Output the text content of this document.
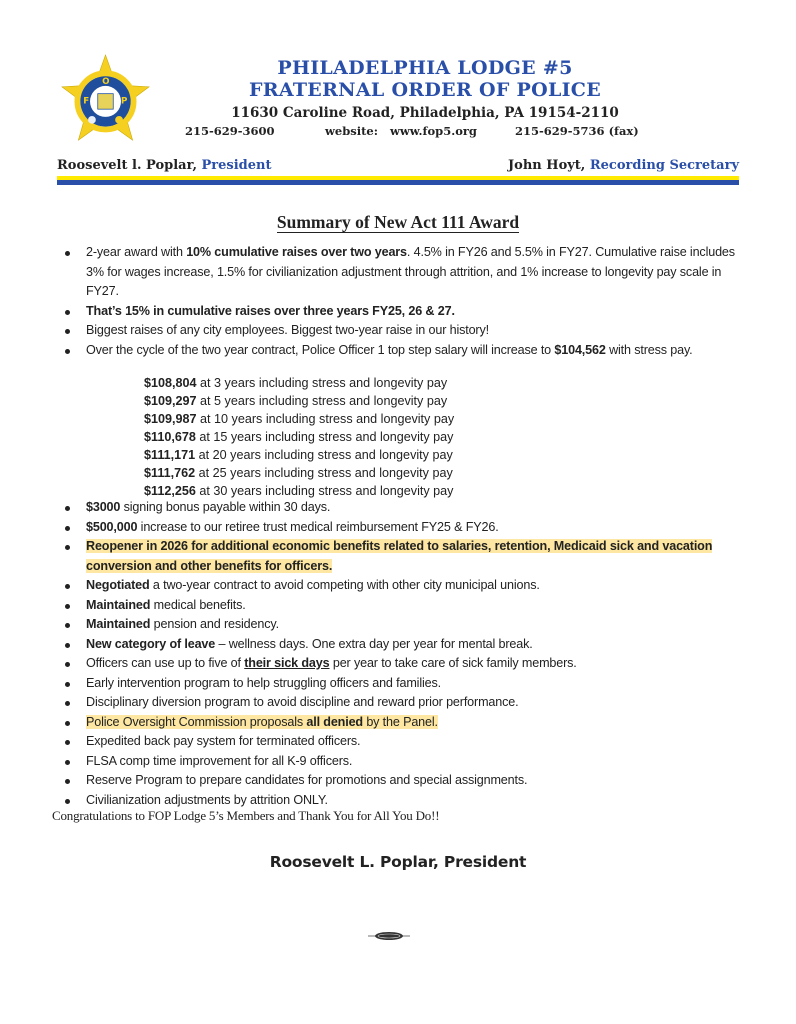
F
O
P
PHILADELPHIA LODGE #5
FRATERNAL ORDER OF POLICE
11630 Caroline Road, Philadelphia, PA 19154-2110
215-629-3600	website:   www.fop5.org	215-629-5736 (fax)
Roosevelt l. Poplar, President	John Hoyt, Recording Secretary
Summary of New Act 111 Award
2-year award with 10% cumulative raises over two years. 4.5% in FY26 and 5.5% in FY27. Cumulative raise includes 3% for wages increase, 1.5% for civilianization adjustment through attrition, and 1% increase to longevity pay scale in FY27.
That’s 15% in cumulative raises over three years FY25, 26 & 27.
Biggest raises of any city employees. Biggest two-year raise in our history!
Over the cycle of the two year contract, Police Officer 1 top step salary will increase to $104,562 with stress pay.
$108,804 at 3 years including stress and longevity pay
$109,297 at 5 years including stress and longevity pay
$109,987 at 10 years including stress and longevity pay
$110,678 at 15 years including stress and longevity pay
$111,171 at 20 years including stress and longevity pay
$111,762 at 25 years including stress and longevity pay
$112,256 at 30 years including stress and longevity pay
$3000 signing bonus payable within 30 days.
$500,000 increase to our retiree trust medical reimbursement FY25 & FY26.
Reopener in 2026 for additional economic benefits related to salaries, retention, Medicaid sick and vacation conversion and other benefits for officers.
Negotiated a two-year contract to avoid competing with other city municipal unions.
Maintained medical benefits.
Maintained pension and residency.
New category of leave – wellness days. One extra day per year for mental break.
Officers can use up to five of their sick days per year to take care of sick family members.
Early intervention program to help struggling officers and families.
Disciplinary diversion program to avoid discipline and reward prior performance.
Police Oversight Commission proposals all denied by the Panel.
Expedited back pay system for terminated officers.
FLSA comp time improvement for all K-9 officers.
Reserve Program to prepare candidates for promotions and special assignments.
Civilianization adjustments by attrition ONLY.
Congratulations to FOP Lodge 5’s Members and Thank You for All You Do!!
Roosevelt L. Poplar, President
